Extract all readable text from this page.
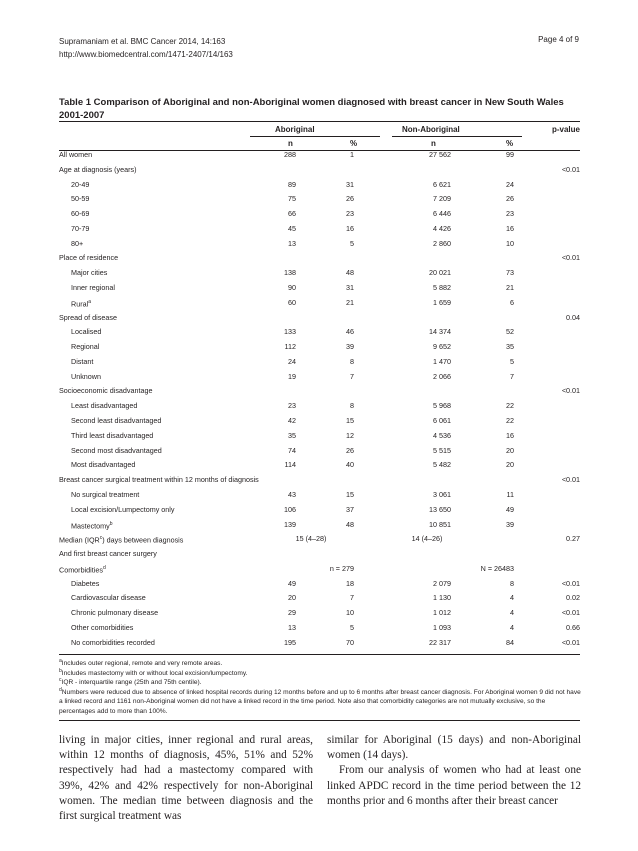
Supramaniam et al. BMC Cancer 2014, 14:163
http://www.biomedcentral.com/1471-2407/14/163
Page 4 of 9
Table 1 Comparison of Aboriginal and non-Aboriginal women diagnosed with breast cancer in New South Wales 2001-2007
Aboriginal	Non-Aboriginal	p-value
n	%	n	%
All women	288	1	27 562	99
Age at diagnosis (years)	<0.01
20-49	89	31	6 621	24
50-59	75	26	7 209	26
60-69	66	23	6 446	23
70-79	45	16	4 426	16
80+	13	5	2 860	10
Place of residence	<0.01
Major cities	138	48	20 021	73
Inner regional	90	31	5 882	21
Rural$^a$	60	21	1 659	6
Spread of disease	0.04
Localised	133	46	14 374	52
Regional	112	39	9 652	35
Distant	24	8	1 470	5
Unknown	19	7	2 066	7
Socioeconomic disadvantage	<0.01
Least disadvantaged	23	8	5 968	22
Second least disadvantaged	42	15	6 061	22
Third least disadvantaged	35	12	4 536	16
Second most disadvantaged	74	26	5 515	20
Most disadvantaged	114	40	5 482	20
Breast cancer surgical treatment within 12 months of diagnosis	<0.01
No surgical treatment	43	15	3 061	11
Local excision/Lumpectomy only	106	37	13 650	49
Mastectomy$^b$	139	48	10 851	39
Median (IQR$^c$) days between diagnosis	15 (4–28)	14 (4–26)	0.27
And first breast cancer surgery
Comorbidities$^d$	n = 279	N = 26483
Diabetes	49	18	2 079	8	<0.01
Cardiovascular disease	20	7	1 130	4	0.02
Chronic pulmonary disease	29	10	1 012	4	<0.01
Other comorbidities	13	5	1 093	4	0.66
No comorbidities recorded	195	70	22 317	84	<0.01
$^a$Includes outer regional, remote and very remote areas.
$^b$Includes mastectomy with or without local excision/lumpectomy.
$^c$IQR - interquartile range (25th and 75th centile).
$^d$Numbers were reduced due to absence of linked hospital records during 12 months before and up to 6 months after breast cancer diagnosis. For Aboriginal women 9 did not have a linked record and 1161 non-Aboriginal women did not have a linked record in the time period. Note also that comorbidity categories are not mutually exclusive, so the percentages add to more than 100%.

living in major cities, inner regional and rural areas, within 12 months of diagnosis, 45%, 51% and 52% respectively had had a mastectomy compared with 39%, 42% and 42% respectively for non-Aboriginal women. The median time between diagnosis and the first surgical treatment was

similar for Aboriginal (15 days) and non-Aboriginal women (14 days).

From our analysis of women who had at least one linked APDC record in the time period between the 12 months prior and 6 months after their breast cancer
